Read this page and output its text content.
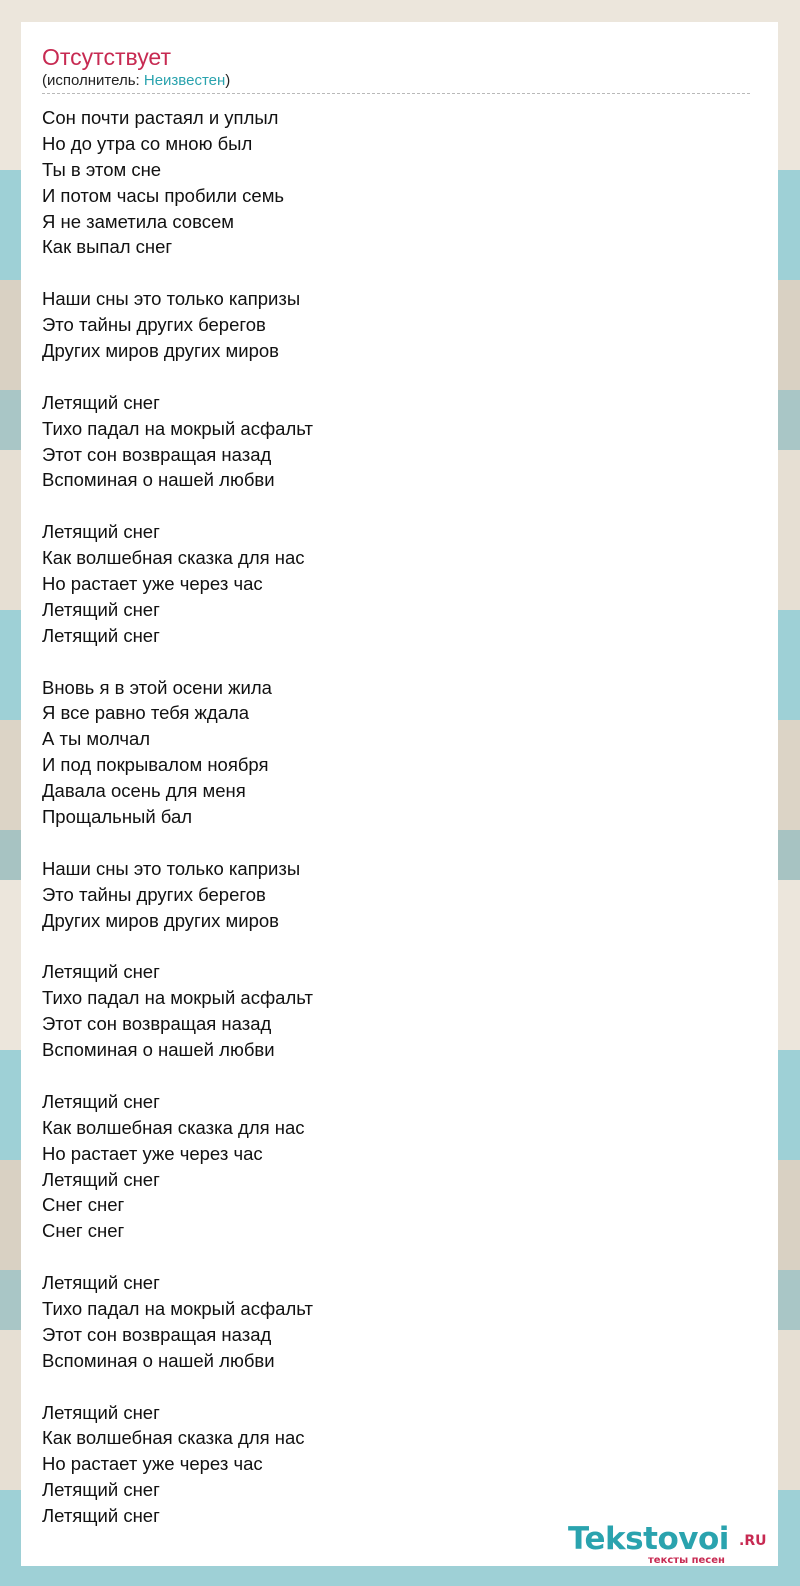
Отсутствует
(исполнитель: Неизвестен)
Сон почти растаял и уплыл
Но до утра со мною был
Ты в этом сне
И потом часы пробили семь
Я не заметила совсем
Как выпал снег
Наши сны это только капризы
Это тайны других берегов
Других миров других миров
Летящий снег
Тихо падал на мокрый асфальт
Этот сон возвращая назад
Вспоминая о нашей любви
Летящий снег
Как волшебная сказка для нас
Но растает уже через час
Летящий снег
Летящий снег
Вновь я в этой осени жила
Я все равно тебя ждала
А ты молчал
И под покрывалом ноября
Давала осень для меня
Прощальный бал
Наши сны это только капризы
Это тайны других берегов
Других миров других миров
Летящий снег
Тихо падал на мокрый асфальт
Этот сон возвращая назад
Вспоминая о нашей любви
Летящий снег
Как волшебная сказка для нас
Но растает уже через час
Летящий снег
Снег снег
Снег снег
Летящий снег
Тихо падал на мокрый асфальт
Этот сон возвращая назад
Вспоминая о нашей любви
Летящий снег
Как волшебная сказка для нас
Но растает уже через час
Летящий снег
Летящий снег
Tekstovoi .RU
тексты песен
